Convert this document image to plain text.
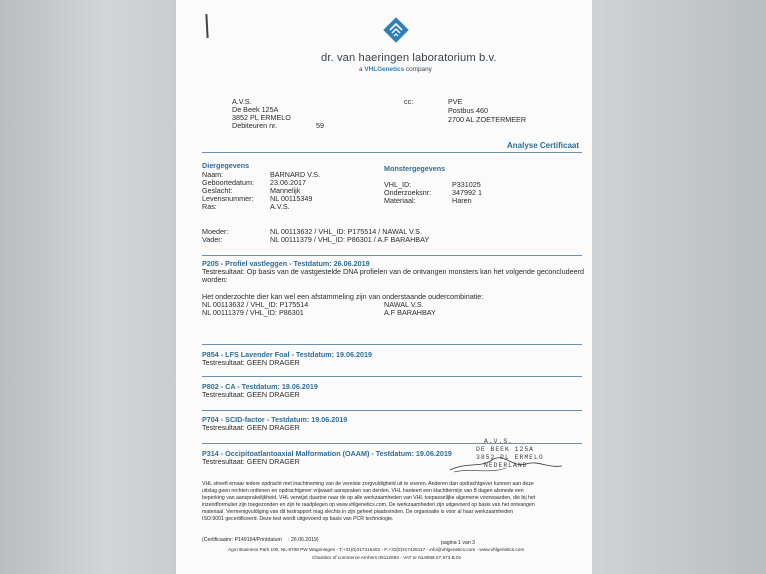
dr. van haeringen laboratorium b.v.
a VHLGenetics company
A.V.S.
De Beek 125A
3852 PL ERMELO
Debiteuren nr.	59
cc:	PVE
Postbus 460
2700 AL ZOETERMEER
Analyse Certificaat
Diergegevens
Naam:	BARNARD V.S.
Geboortedatum: 23.06.2017
Geslacht:	Mannelijk
Levensnummer: NL 00115349
Ras:	A.V.S.
Monstergegevens
VHL_ID:	P331025
Onderzoeksnr:	347992 1
Materiaal:	Haren
Moeder:	NL 00113632 / VHL_ID: P175514 / NAWAL V.S.
Vader:	NL 00111379 / VHL_ID: P86301 / A.F BARAHBAY
P205 - Profiel vastleggen - Testdatum: 26.06.2019
Testresultaat: Op basis van de vastgestelde DNA profielen van de ontvangen monsters kan het volgende geconcludeerd
worden:
Het onderzochte dier kan wel een afstammeling zijn van onderstaande oudercombinatie:
NL 00113632 / VHL_ID: P175514	NAWAL V.S.
NL 00111379 / VHL_ID: P86301	A.F BARAHBAY
P854 - LFS Lavender Foal - Testdatum: 19.06.2019
Testresultaat: GEEN DRAGER
P802 - CA - Testdatum: 19.06.2019
Testresultaat: GEEN DRAGER
P704 - SCID-factor - Testdatum: 19.06.2019
Testresultaat: GEEN DRAGER
P314 - Occipitoatlantoaxial Malformation (OAAM) - Testdatum: 19.06.2019
Testresultaat: GEEN DRAGER
A.V.S.
DE BEEK 125A
3852 PL ERMELO
NEDERLAND
VHL streeft ernaar iedere opdracht met inachtneming van de vereiste zorgvuldigheid uit te voeren. Anderen dan opdrachtgever kunnen aan deze
uitslag geen rechten ontlenen en opdrachtgever vrijwaart aanspraken van derden. VHL hanteert een klachttermijn van 8 dagen alsmede een
beperking van aansprakelijkheid. VHL verwijst daartoe naar de op alle werkzaamheden van VHL toepasselijke algemene voorwaarden, die bij het
inzendformulier zijn toegezonden en zijn te raadplegen op www.vhlgenetics.com. De werkzaamheden zijn uitgevoerd op basis van het ontvangen
materiaal. Vermenigvuldiging van dit testrapport mag slechts in zijn geheel plaatsvinden. De organisatie is voor al haar werkzaamheden
ISO:9001 gecertificeerd. Deze test wordt uitgevoerd op basis van PCR technologie.
(Certificaatnr: P149164/Printdatum : 26.06.2019)	pagina 1 van 3
Agro Business Park 100, NL-6708 PW Wageningen - T:+31(0)317416402 - F:+31(0)317426117 - info@vhlgenetics.com - www.vhlgenetics.com
Chamber of commerce Arnhem 09112682 - VAT nr NL8088.07.973.B.01
